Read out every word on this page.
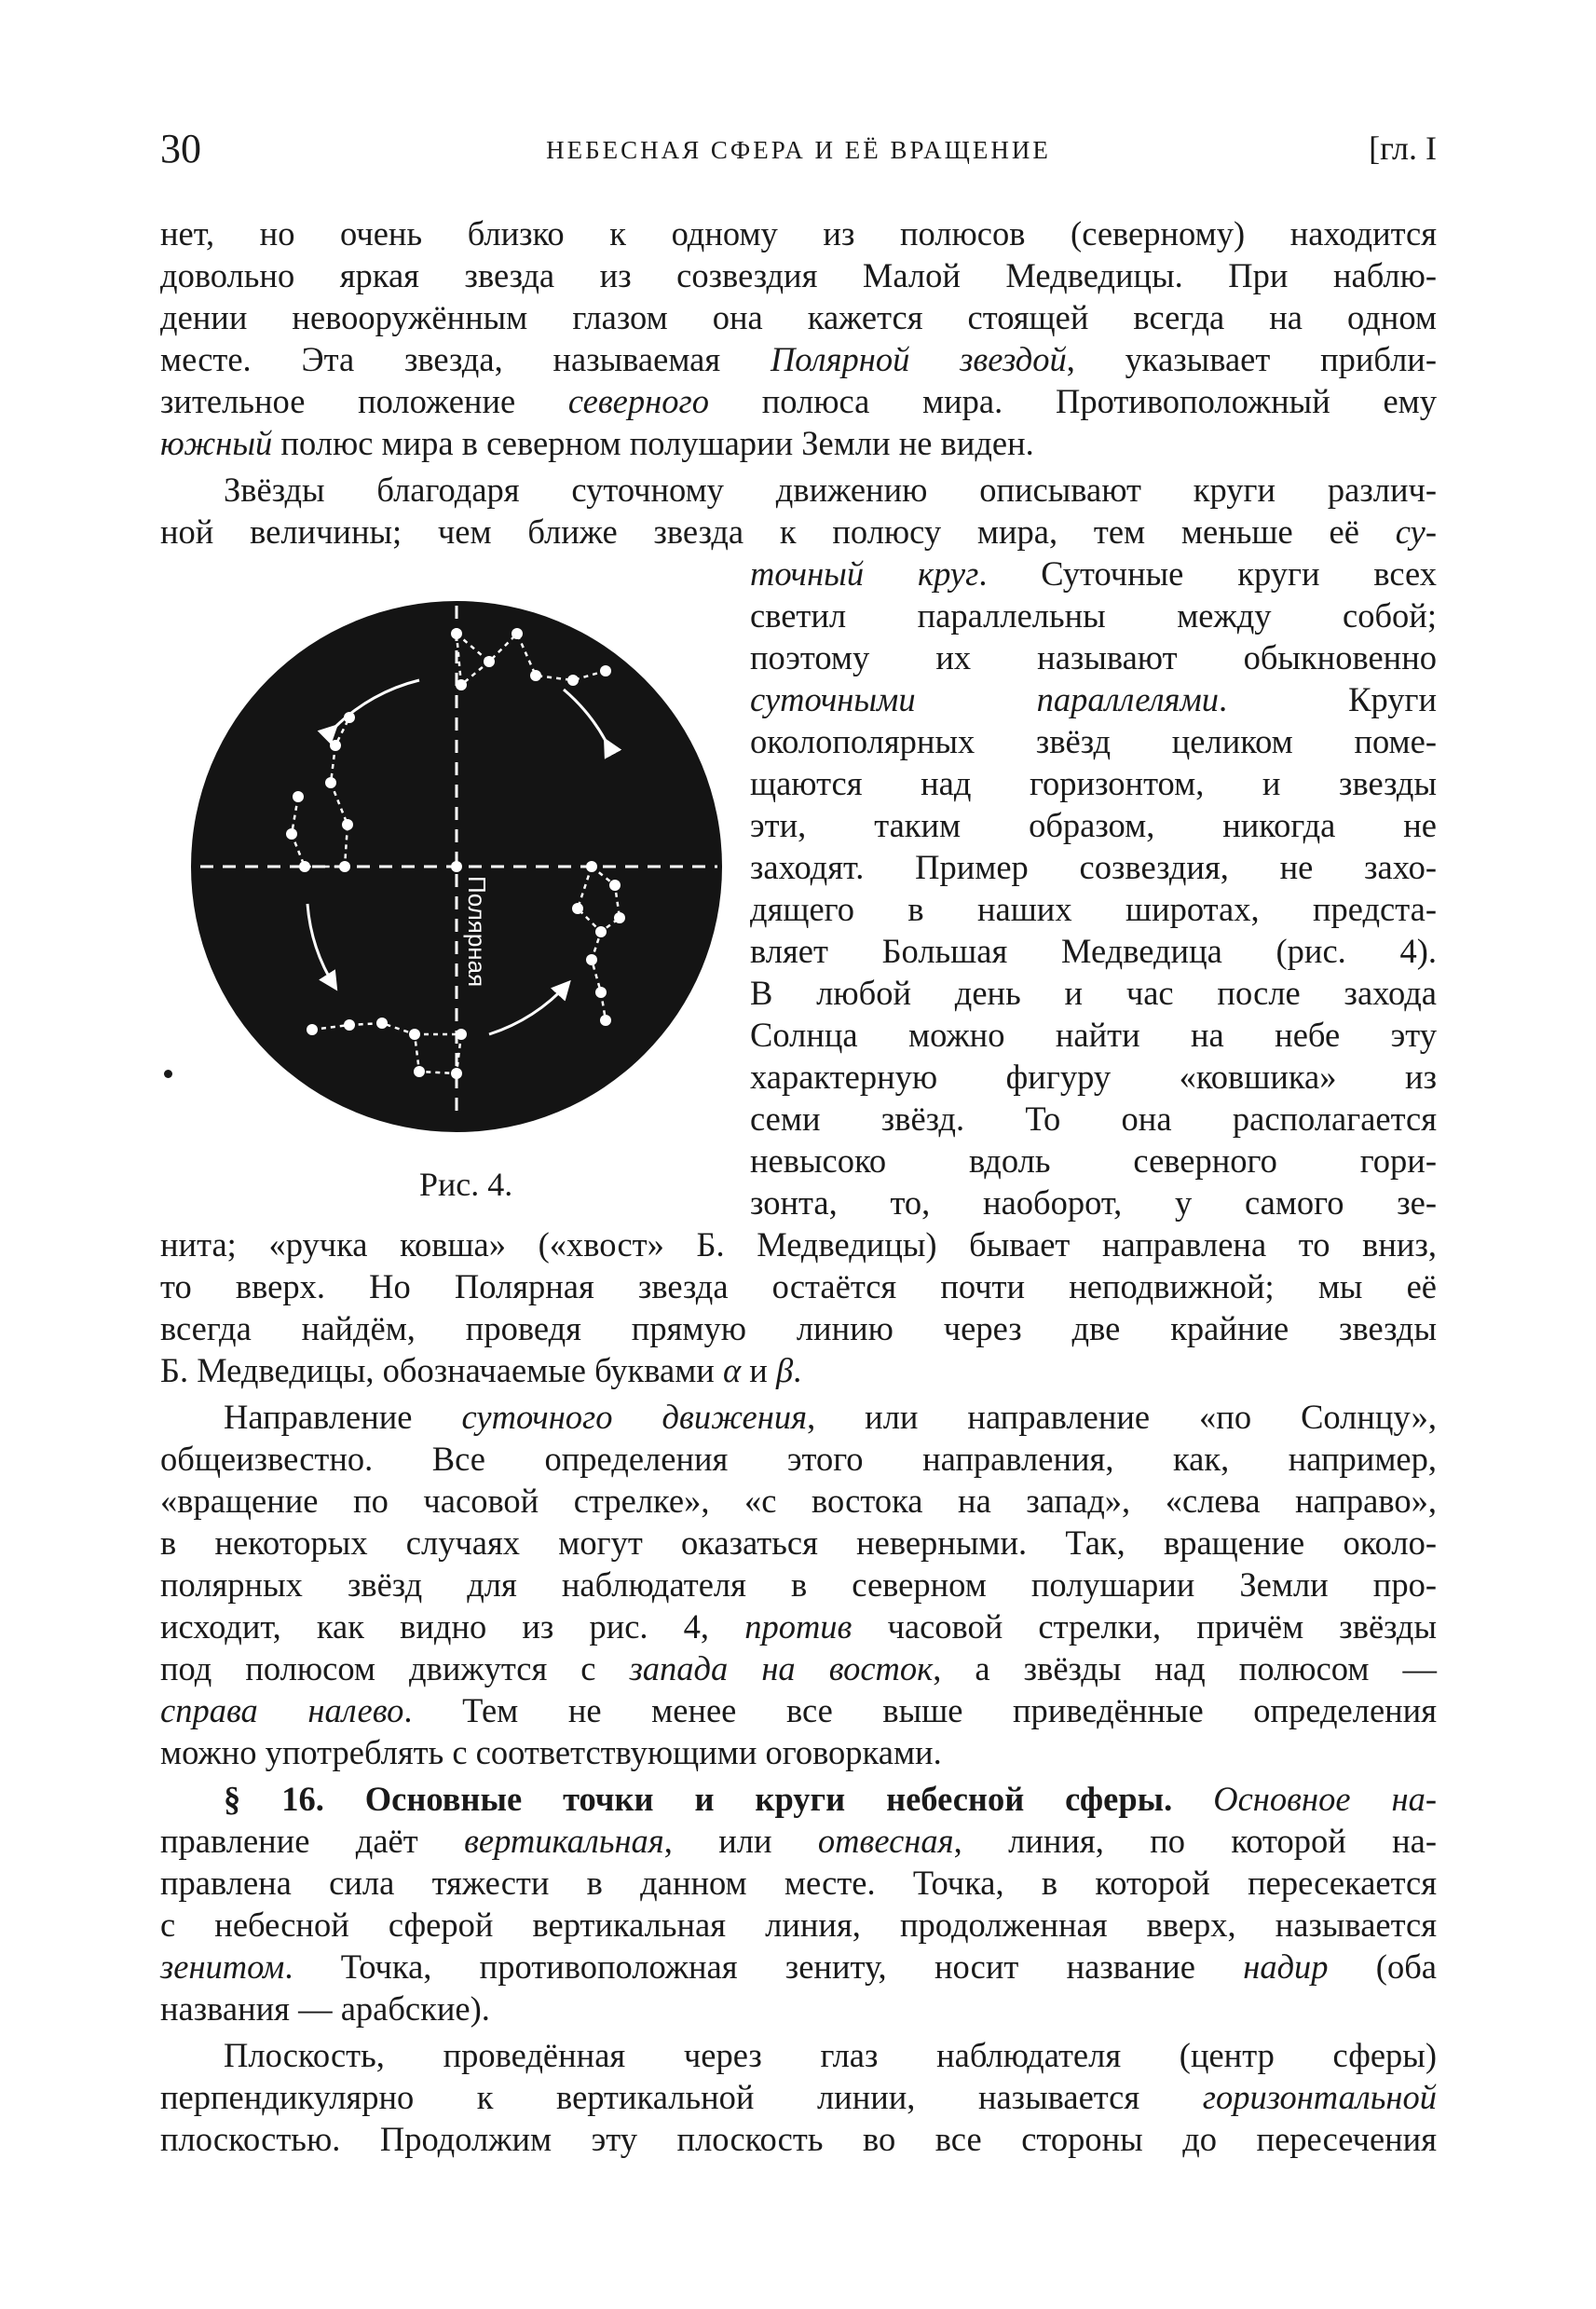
30	НЕБЕСНАЯ СФЕРА И ЕЁ ВРАЩЕНИЕ	[гл. I
Полярная
Рис. 4.
нет, но очень близко к одному из полюсов (северному) находится
довольно яркая звезда из созвездия Малой Медведицы. При наблю-
дении невооружённым глазом она кажется стоящей всегда на одном
месте. Эта звезда, называемая Полярной звездой, указывает прибли-
зительное положение северного полюса мира. Противоположный ему
южный полюс мира в северном полушарии Земли не виден.
Звёзды благодаря суточному движению описывают круги различ-
ной величины; чем ближе звезда к полюсу мира, тем меньше её су-
точный круг. Суточные круги всех
светил параллельны между собой;
поэтому их называют обыкновенно
суточными параллелями. Круги
околополярных звёзд целиком поме-
щаются над горизонтом, и звезды
эти, таким образом, никогда не
заходят. Пример созвездия, не захо-
дящего в наших широтах, предста-
вляет Большая Медведица (рис. 4).
В любой день и час после захода
Солнца можно найти на небе эту
характерную фигуру «ковшика» из
семи звёзд. То она располагается
невысоко вдоль северного гори-
зонта, то, наоборот, у самого зе-
нита; «ручка ковша» («хвост» Б. Медведицы) бывает направлена то вниз,
то вверх. Но Полярная звезда остаётся почти неподвижной; мы её
всегда найдём, проведя прямую линию через две крайние звезды
Б. Медведицы, обозначаемые буквами α и β.
Направление суточного движения, или направление «по Солнцу»,
общеизвестно. Все определения этого направления, как, например,
«вращение по часовой стрелке», «с востока на запад», «слева направо»,
в некоторых случаях могут оказаться неверными. Так, вращение около-
полярных звёзд для наблюдателя в северном полушарии Земли про-
исходит, как видно из рис. 4, против часовой стрелки, причём звёзды
под полюсом движутся с запада на восток, а звёзды над полюсом —
справа налево. Тем не менее все выше приведённые определения
можно употреблять с соответствующими оговорками.
§ 16. Основные точки и круги небесной сферы. Основное на-
правление даёт вертикальная, или отвесная, линия, по которой на-
правлена сила тяжести в данном месте. Точка, в которой пересекается
с небесной сферой вертикальная линия, продолженная вверх, называется
зенитом. Точка, противоположная зениту, носит название надир (оба
названия — арабские).
Плоскость, проведённая через глаз наблюдателя (центр сферы)
перпендикулярно к вертикальной линии, называется горизонтальной
плоскостью. Продолжим эту плоскость во все стороны до пересечения
